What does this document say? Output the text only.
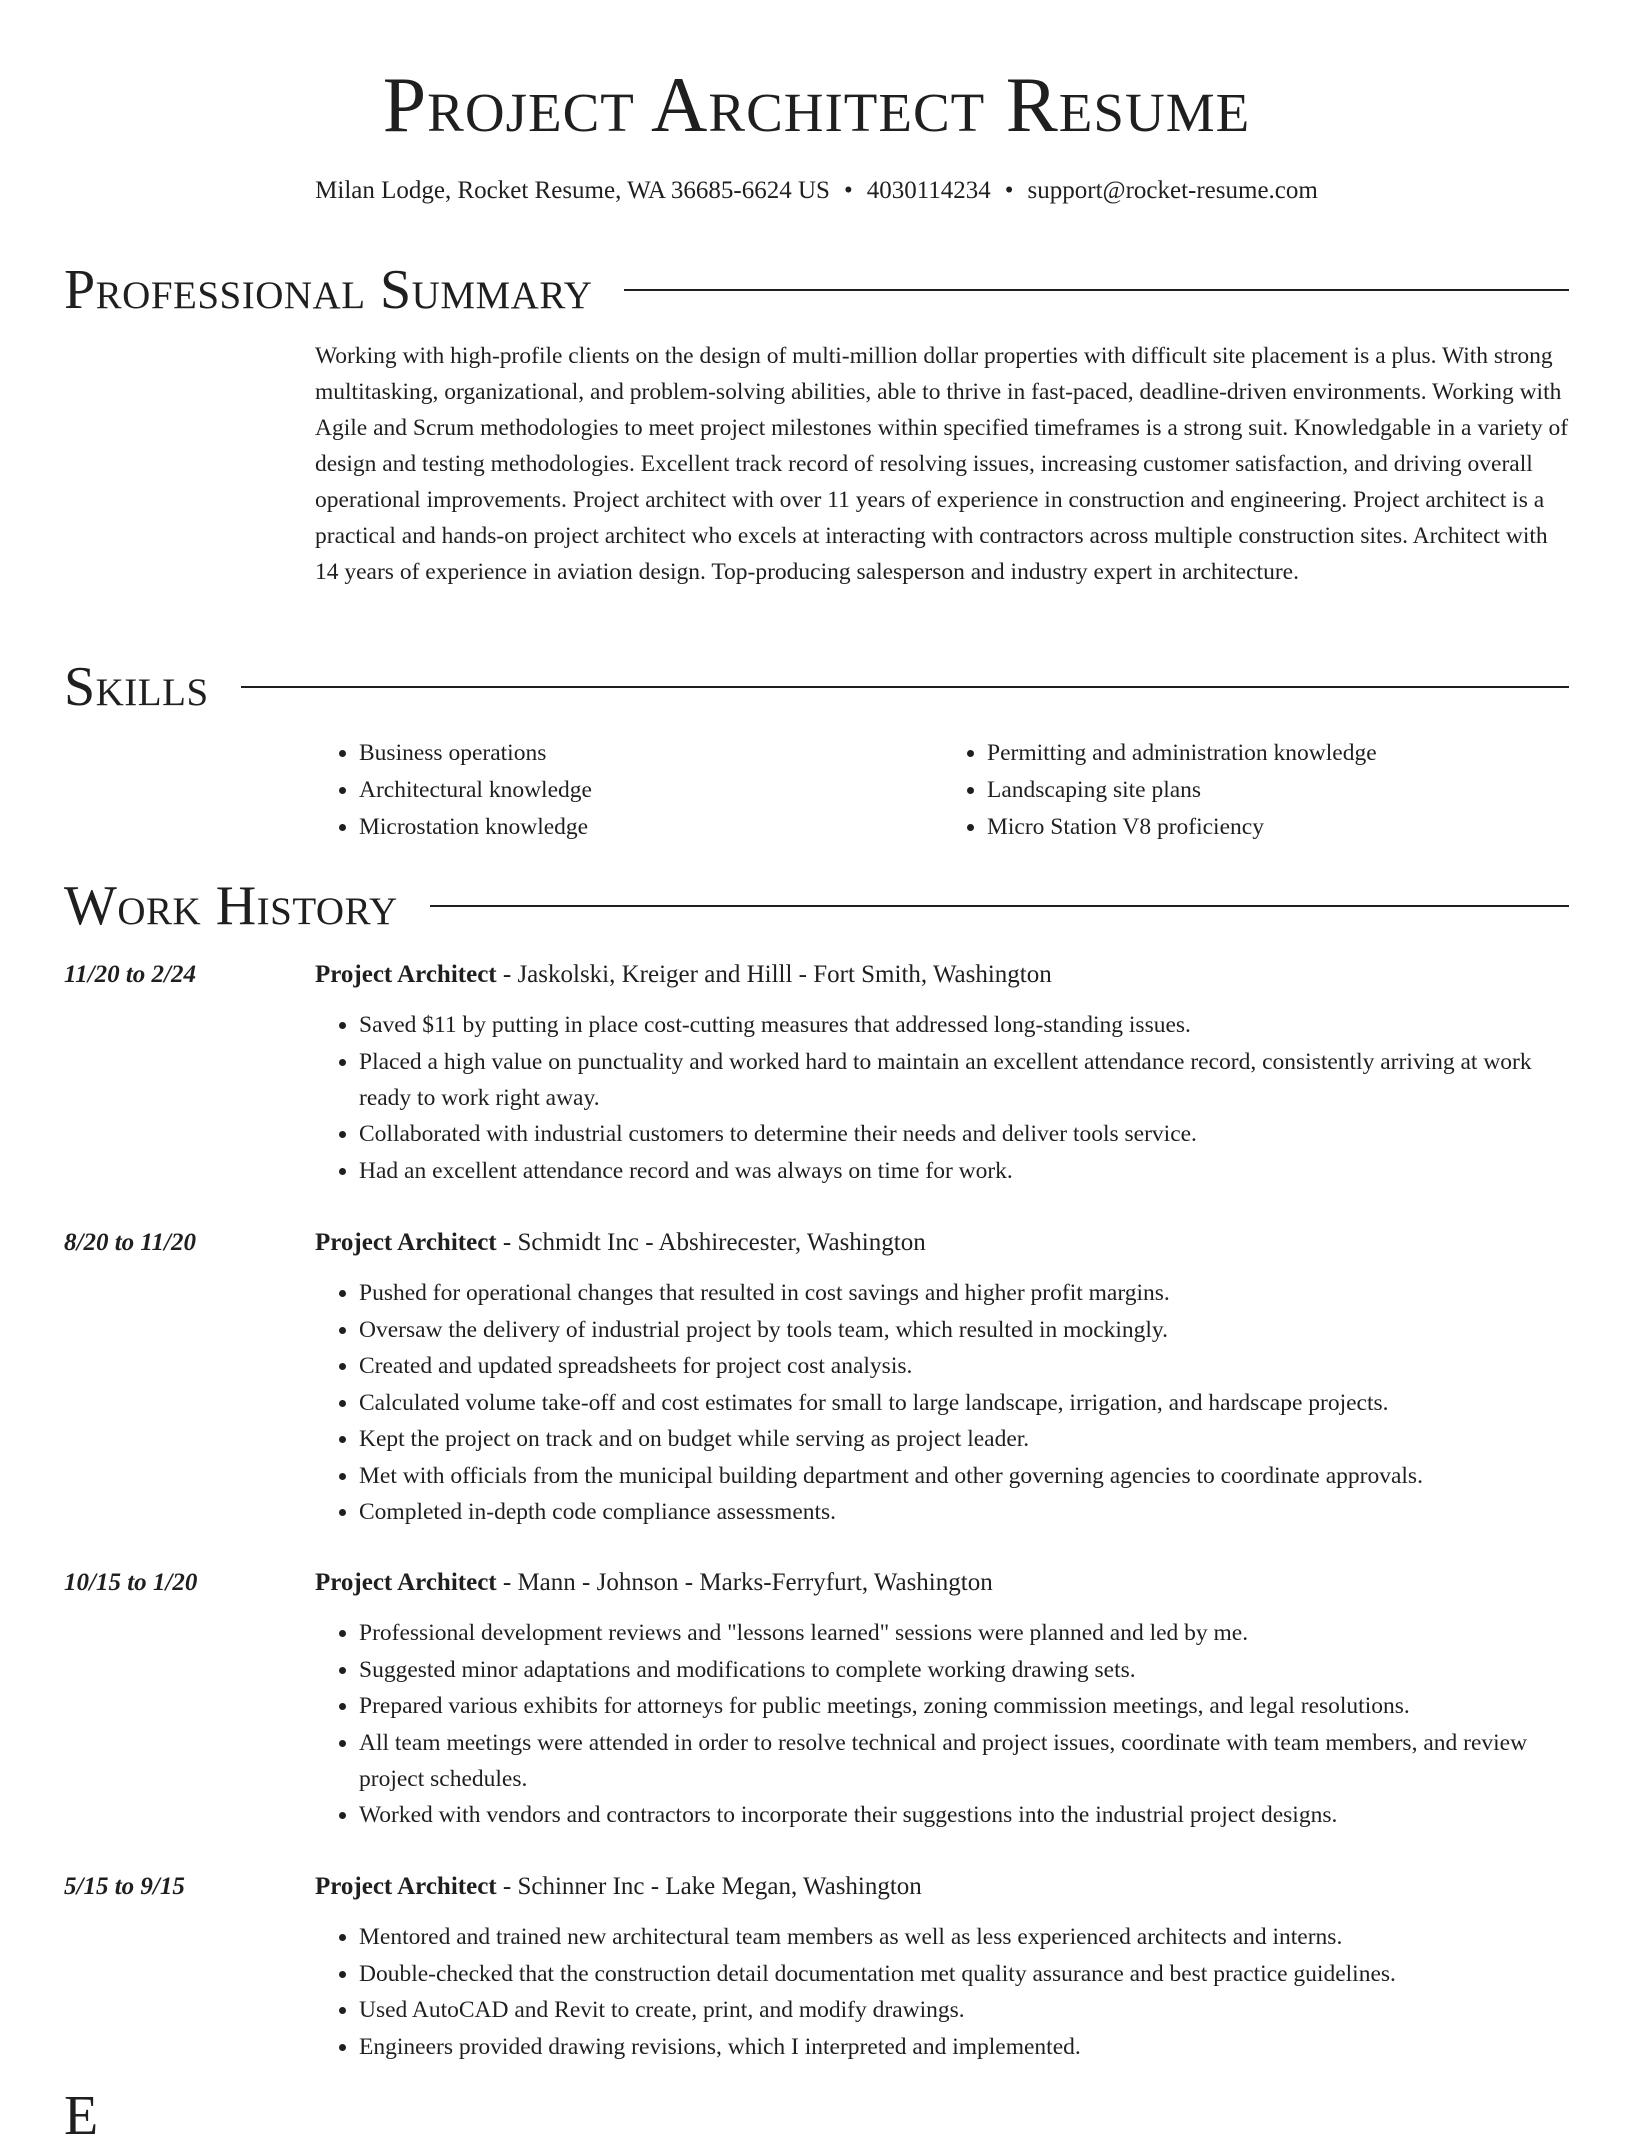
Project Architect Resume
Milan Lodge, Rocket Resume, WA 36685-6624 US • 4030114234 • support@rocket-resume.com
Professional Summary

Working with high-profile clients on the design of multi-million dollar properties with difficult site placement is a plus. With strong multitasking, organizational, and problem-solving abilities, able to thrive in fast-paced, deadline-driven environments. Working with Agile and Scrum methodologies to meet project milestones within specified timeframes is a strong suit. Knowledgable in a variety of design and testing methodologies. Excellent track record of resolving issues, increasing customer satisfaction, and driving overall operational improvements. Project architect with over 11 years of experience in construction and engineering. Project architect is a practical and hands-on project architect who excels at interacting with contractors across multiple construction sites. Architect with 14 years of experience in aviation design. Top-producing salesperson and industry expert in architecture.

Skills
• Business operations
• Architectural knowledge
• Microstation knowledge
• Permitting and administration knowledge
• Landscaping site plans
• Micro Station V8 proficiency
Work History
11/20 to 2/24	Project Architect - Jaskolski, Kreiger and Hilll - Fort Smith, Washington
• Saved $11 by putting in place cost-cutting measures that addressed long-standing issues.
• Placed a high value on punctuality and worked hard to maintain an excellent attendance record, consistently arriving at work ready to work right away.
• Collaborated with industrial customers to determine their needs and deliver tools service.
• Had an excellent attendance record and was always on time for work.
8/20 to 11/20	Project Architect - Schmidt Inc - Abshirecester, Washington
• Pushed for operational changes that resulted in cost savings and higher profit margins.
• Oversaw the delivery of industrial project by tools team, which resulted in mockingly.
• Created and updated spreadsheets for project cost analysis.
• Calculated volume take-off and cost estimates for small to large landscape, irrigation, and hardscape projects.
• Kept the project on track and on budget while serving as project leader.
• Met with officials from the municipal building department and other governing agencies to coordinate approvals.
• Completed in-depth code compliance assessments.
10/15 to 1/20	Project Architect - Mann - Johnson - Marks-Ferryfurt, Washington
• Professional development reviews and "lessons learned" sessions were planned and led by me.
• Suggested minor adaptations and modifications to complete working drawing sets.
• Prepared various exhibits for attorneys for public meetings, zoning commission meetings, and legal resolutions.
• All team meetings were attended in order to resolve technical and project issues, coordinate with team members, and review project schedules.
• Worked with vendors and contractors to incorporate their suggestions into the industrial project designs.
5/15 to 9/15	Project Architect - Schinner Inc - Lake Megan, Washington
• Mentored and trained new architectural team members as well as less experienced architects and interns.
• Double-checked that the construction detail documentation met quality assurance and best practice guidelines.
• Used AutoCAD and Revit to create, print, and modify drawings.
• Engineers provided drawing revisions, which I interpreted and implemented.
E
